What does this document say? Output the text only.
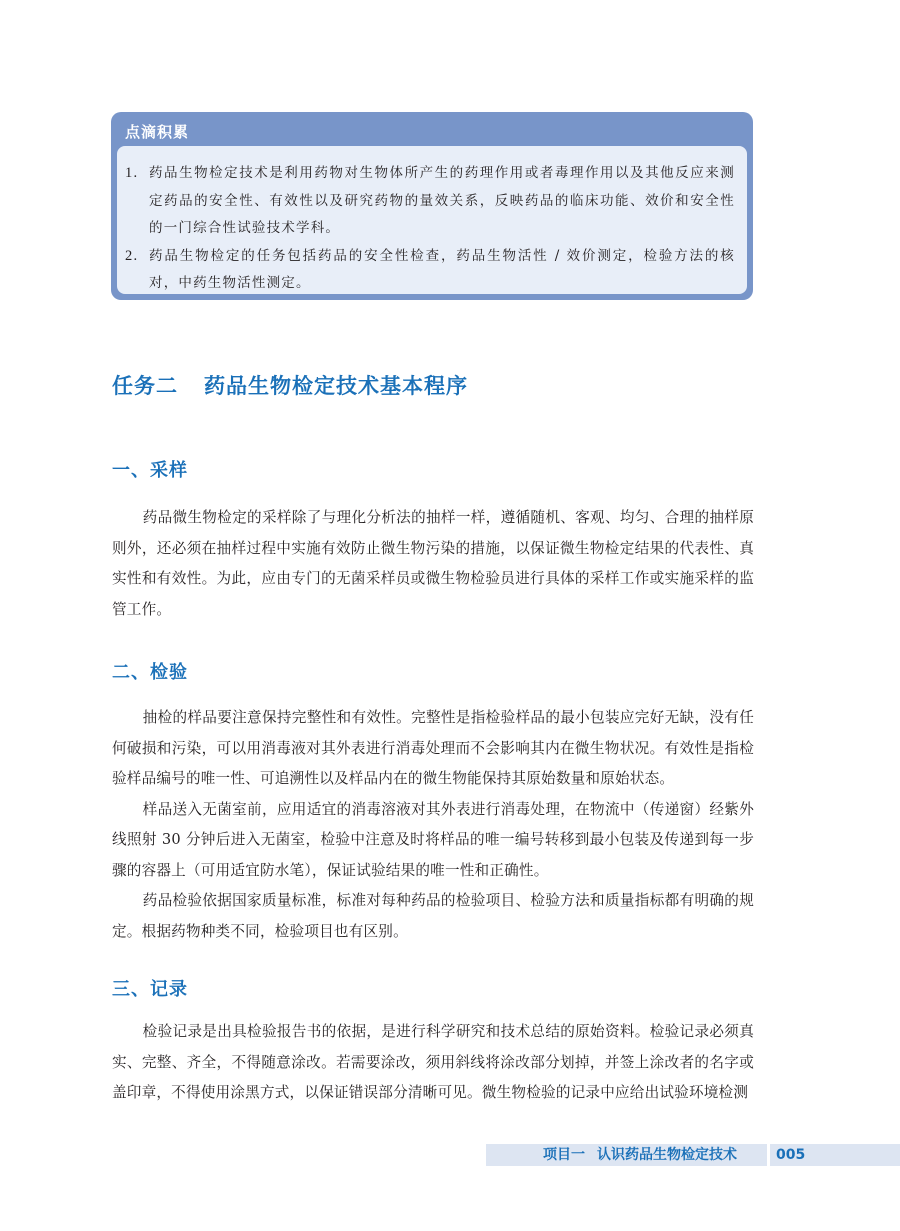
点滴积累

1. 药品生物检定技术是利用药物对生物体所产生的药理作用或者毒理作用以及其他反应来测定药品的安全性、有效性以及研究药物的量效关系，反映药品的临床功能、效价和安全性的一门综合性试验技术学科。

2. 药品生物检定的任务包括药品的安全性检查，药品生物活性 / 效价测定，检验方法的核对，中药生物活性测定。

任务二 药品生物检定技术基本程序
一、采样

药品微生物检定的采样除了与理化分析法的抽样一样，遵循随机、客观、均匀、合理的抽样原则外，还必须在抽样过程中实施有效防止微生物污染的措施，以保证微生物检定结果的代表性、真实性和有效性。为此，应由专门的无菌采样员或微生物检验员进行具体的采样工作或实施采样的监管工作。

二、检验

抽检的样品要注意保持完整性和有效性。完整性是指检验样品的最小包装应完好无缺，没有任何破损和污染，可以用消毒液对其外表进行消毒处理而不会影响其内在微生物状况。有效性是指检验样品编号的唯一性、可追溯性以及样品内在的微生物能保持其原始数量和原始状态。

样品送入无菌室前，应用适宜的消毒溶液对其外表进行消毒处理，在物流中（传递窗）经紫外线照射 30 分钟后进入无菌室，检验中注意及时将样品的唯一编号转移到最小包装及传递到每一步骤的容器上（可用适宜防水笔），保证试验结果的唯一性和正确性。

药品检验依据国家质量标准，标准对每种药品的检验项目、检验方法和质量指标都有明确的规定。根据药物种类不同，检验项目也有区别。

三、记录

检验记录是出具检验报告书的依据，是进行科学研究和技术总结的原始资料。检验记录必须真实、完整、齐全，不得随意涂改。若需要涂改，须用斜线将涂改部分划掉，并签上涂改者的名字或盖印章，不得使用涂黑方式，以保证错误部分清晰可见。微生物检验的记录中应给出试验环境检测

项目一 认识药品生物检定技术	005
